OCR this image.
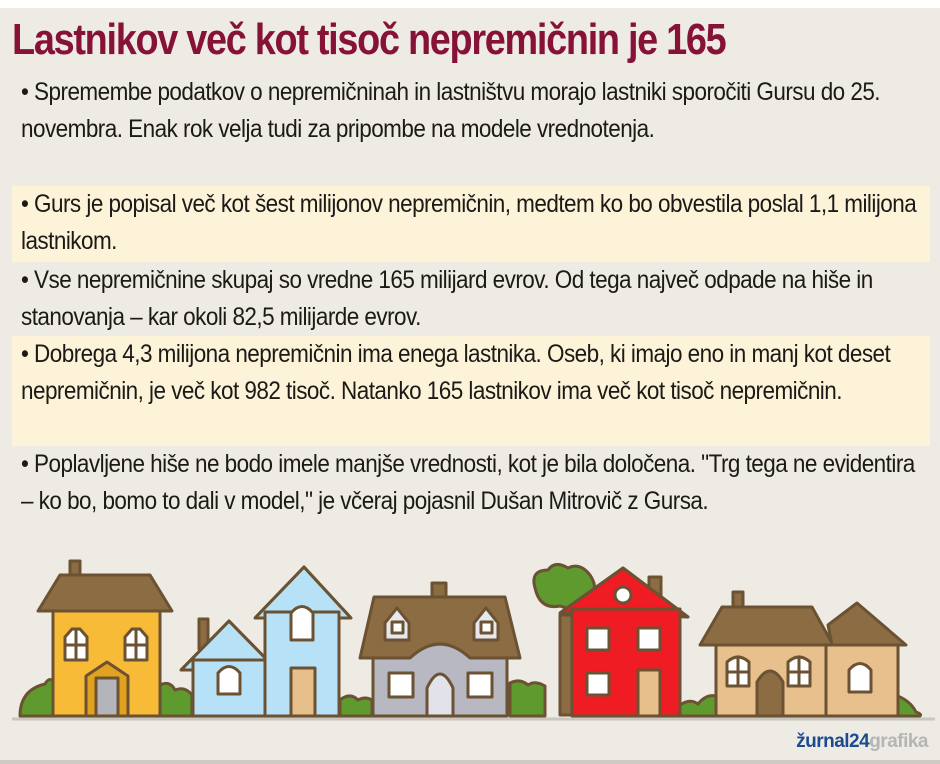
Lastnikov več kot tisoč nepremičnin je 165
• Spremembe podatkov o nepremičninah in lastništvu morajo lastniki sporočiti Gursu do 25. novembra. Enak rok velja tudi za pripombe na modele vrednotenja.
• Gurs je popisal več kot šest milijonov nepremičnin, medtem ko bo obvestila poslal 1,1 milijona lastnikom.
• Vse nepremičnine skupaj so vredne 165 milijard evrov. Od tega največ odpade na hiše in stanovanja – kar okoli 82,5 milijarde evrov.
• Dobrega 4,3 milijona nepremičnin ima enega lastnika. Oseb, ki imajo eno in manj kot deset nepremičnin, je več kot 982 tisoč. Natanko 165 lastnikov ima več kot tisoč nepremičnin.
• Poplavljene hiše ne bodo imele manjše vrednosti, kot je bila določena. "Trg tega ne evidentira – ko bo, bomo to dali v model," je včeraj pojasnil Dušan Mitrovič z Gursa.
žurnal24grafika
